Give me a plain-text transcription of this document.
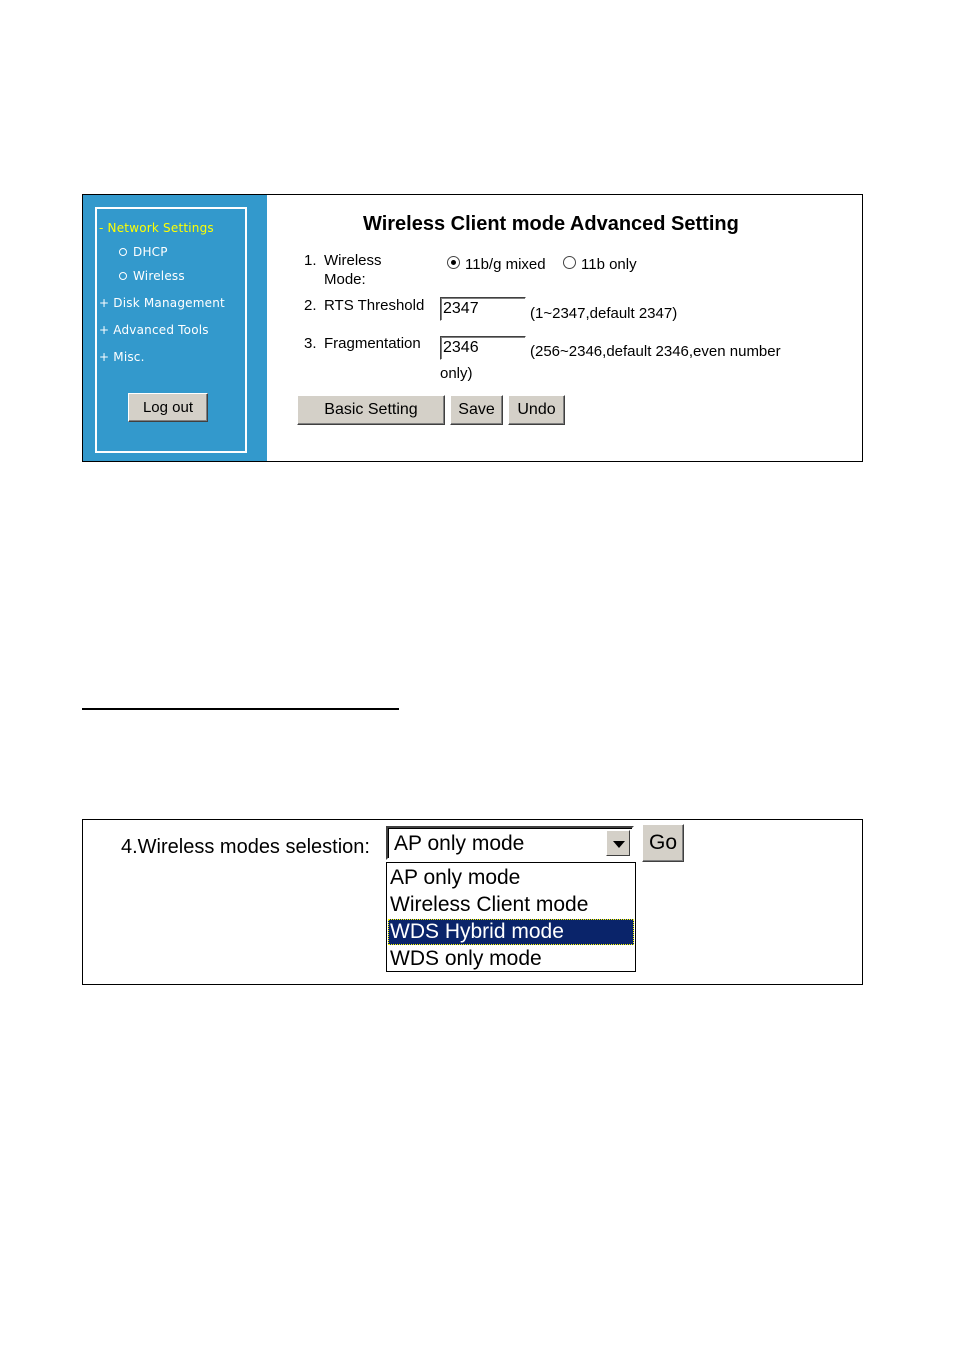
- Network Settings
DHCP
Wireless
+ Disk Management
+ Advanced Tools
+ Misc.
Log out
Wireless Client mode Advanced Setting
1. Wireless
Mode:
11b/g mixed 11b only
2. RTS Threshold
2347	(1~2347,default 2347)
3. Fragmentation
2346	(256~2346,default 2346,even number
only)
Basic Setting	Save	Undo
4.Wireless modes selestion: AP only mode	Go
AP only mode
Wireless Client mode
WDS Hybrid mode
WDS only mode
